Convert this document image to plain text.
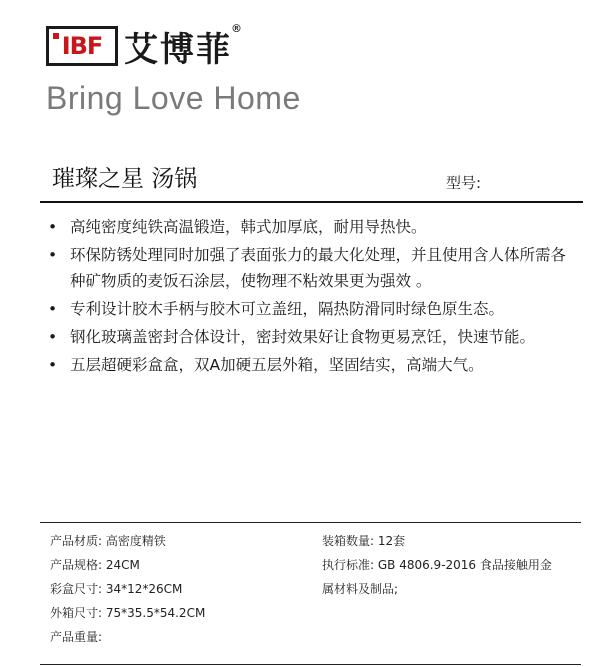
IBF 艾博菲
®
Bring Love Home
璀璨之星 汤锅	型号:
• 高纯密度纯铁高温锻造，韩式加厚底，耐用导热快。
• 环保防锈处理同时加强了表面张力的最大化处理，并且使用含人体所需各种矿物质的麦饭石涂层，使物理不粘效果更为强效 。
• 专利设计胶木手柄与胶木可立盖纽，隔热防滑同时绿色原生态。
• 钢化玻璃盖密封合体设计，密封效果好让食物更易烹饪，快速节能。
• 五层超硬彩盒盒，双A加硬五层外箱，坚固结实，高端大气。
产品材质: 高密度精铁
产品规格: 24CM
彩盒尺寸: 34*12*26CM
外箱尺寸: 75*35.5*54.2CM
产品重量:
装箱数量: 12套
执行标准: GB 4806.9-2016 食品接触用金
属材料及制品;
